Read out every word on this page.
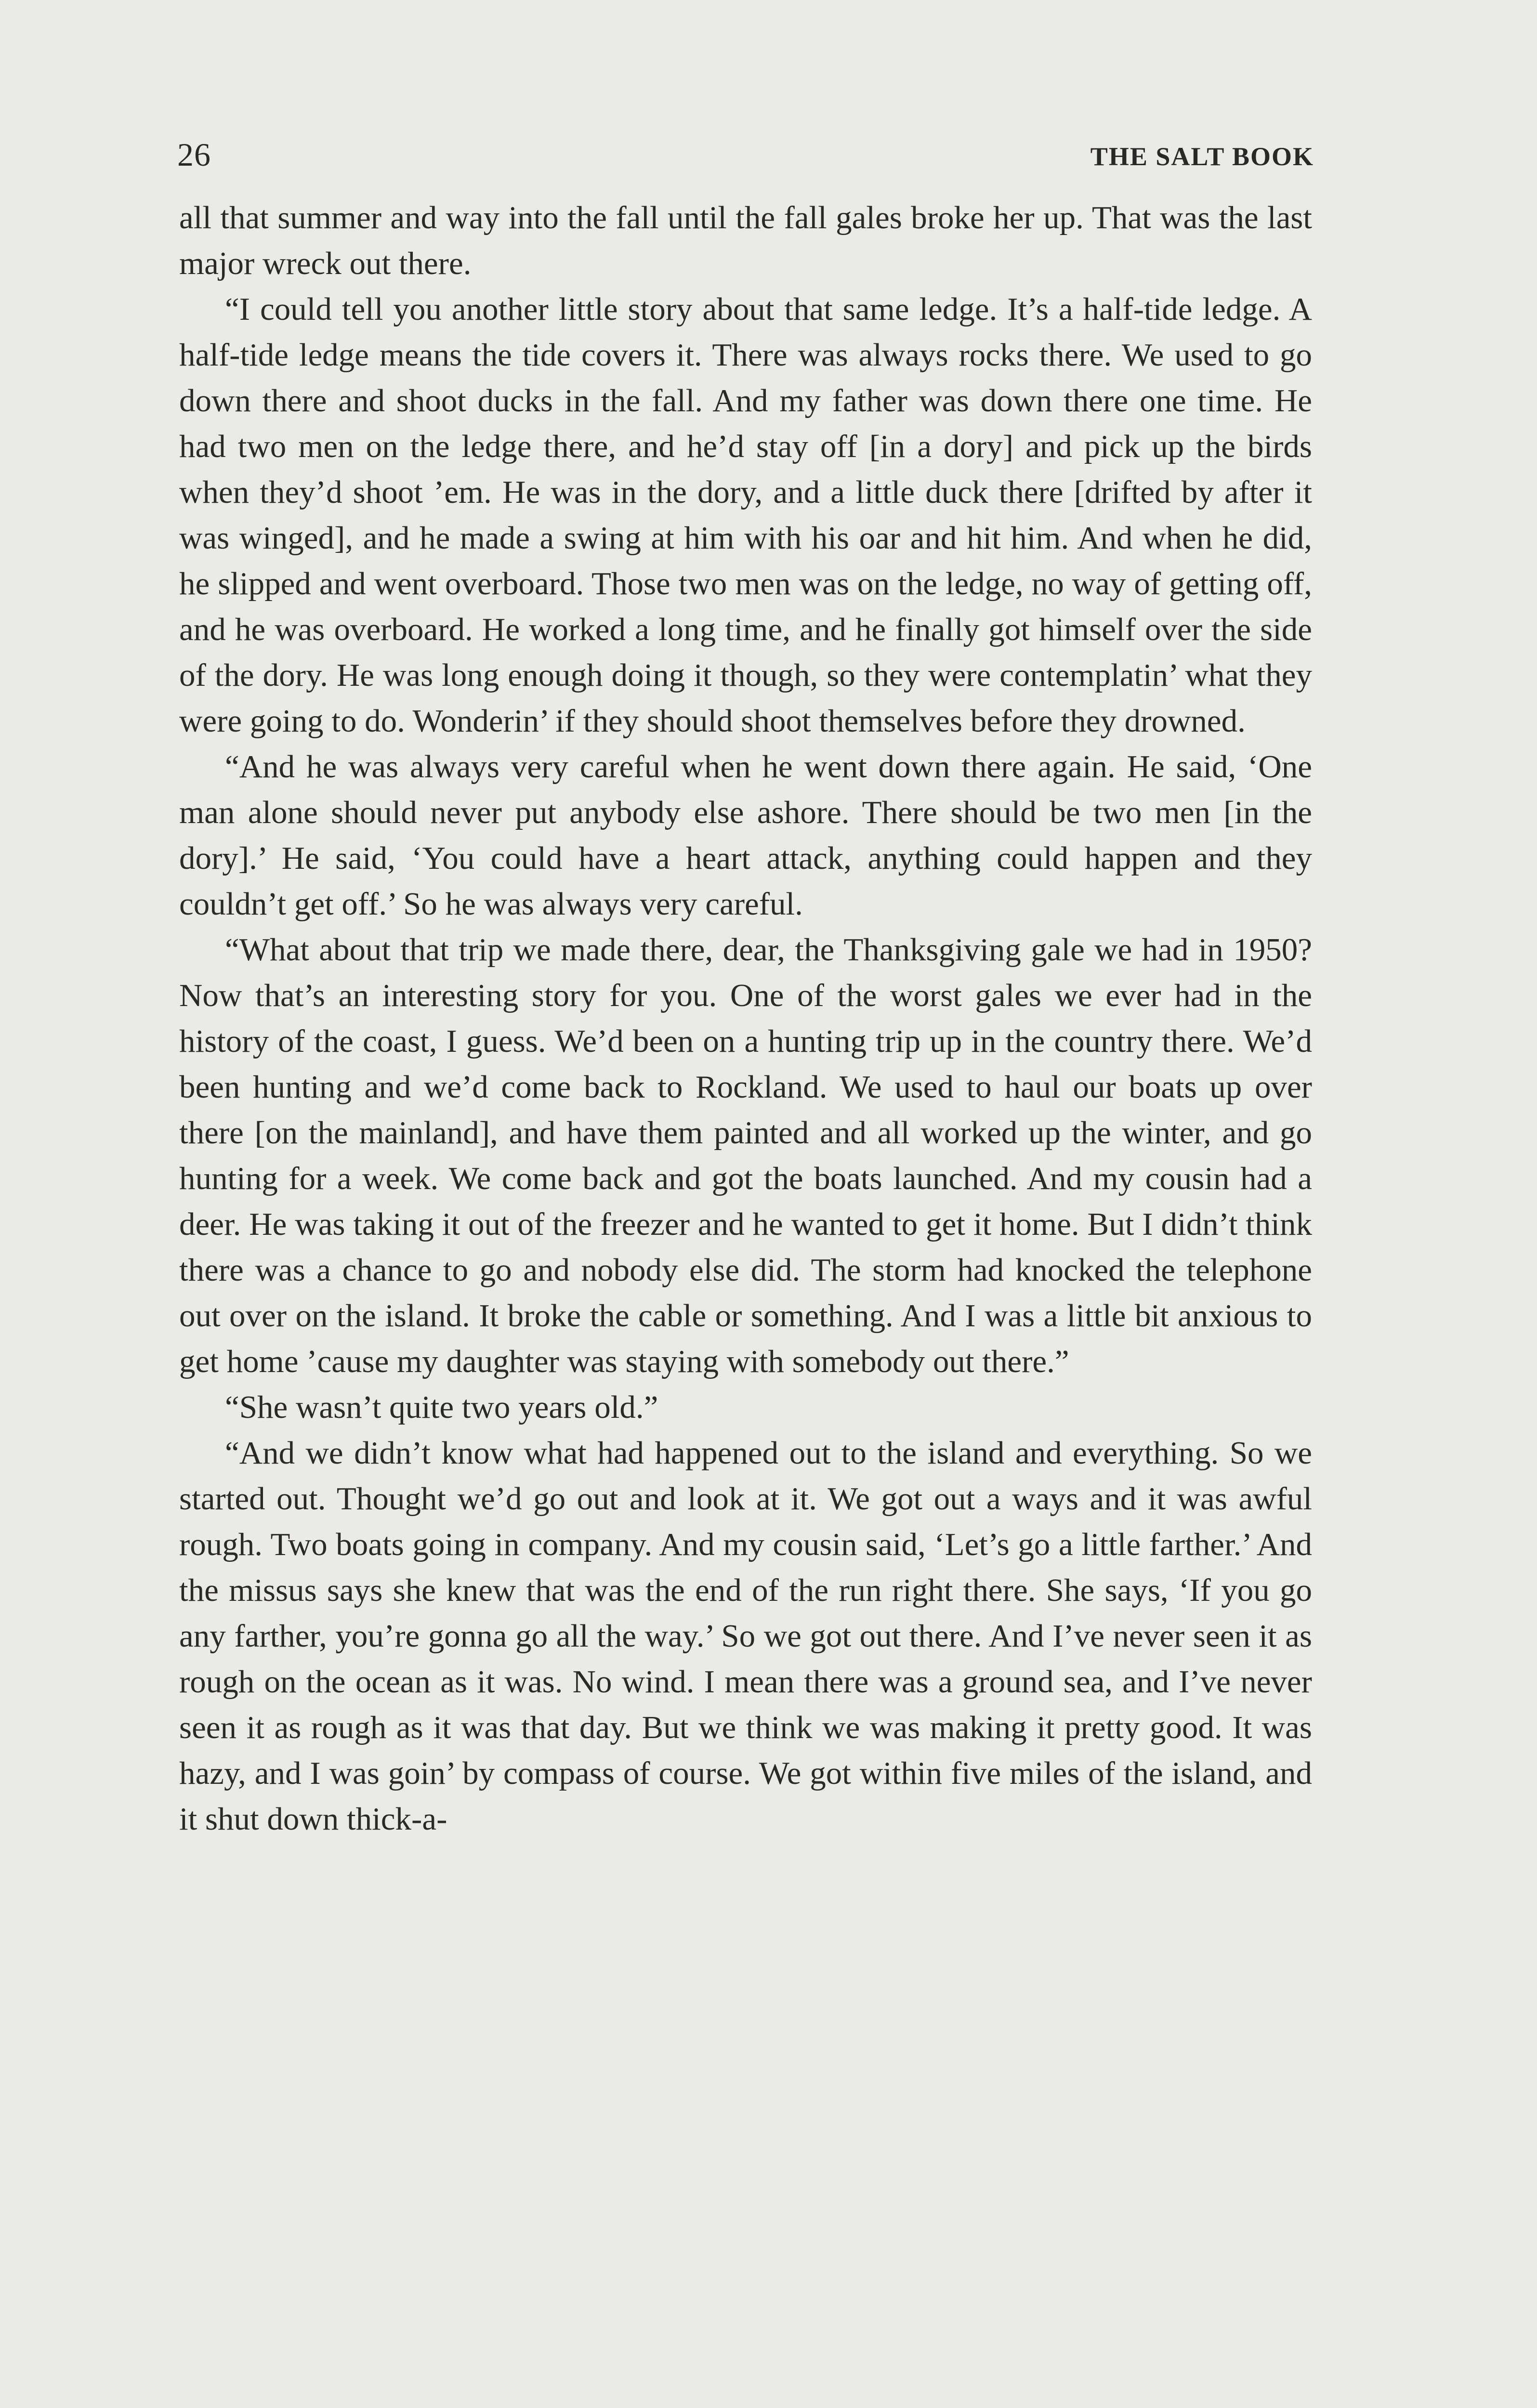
26	THE SALT BOOK

all that summer and way into the fall until the fall gales broke her up. That was the last major wreck out there.

“I could tell you another little story about that same ledge. It’s a half-tide ledge. A half-tide ledge means the tide covers it. There was always rocks there. We used to go down there and shoot ducks in the fall. And my father was down there one time. He had two men on the ledge there, and he’d stay off [in a dory] and pick up the birds when they’d shoot ’em. He was in the dory, and a little duck there [drifted by after it was winged], and he made a swing at him with his oar and hit him. And when he did, he slipped and went overboard. Those two men was on the ledge, no way of getting off, and he was overboard. He worked a long time, and he finally got himself over the side of the dory. He was long enough doing it though, so they were contemplatin’ what they were going to do. Wonderin’ if they should shoot themselves before they drowned.

“And he was always very careful when he went down there again. He said, ‘One man alone should never put anybody else ashore. There should be two men [in the dory].’ He said, ‘You could have a heart attack, anything could happen and they couldn’t get off.’ So he was always very careful.

“What about that trip we made there, dear, the Thanksgiving gale we had in 1950? Now that’s an interesting story for you. One of the worst gales we ever had in the history of the coast, I guess. We’d been on a hunting trip up in the country there. We’d been hunting and we’d come back to Rockland. We used to haul our boats up over there [on the mainland], and have them painted and all worked up the winter, and go hunting for a week. We come back and got the boats launched. And my cousin had a deer. He was taking it out of the freezer and he wanted to get it home. But I didn’t think there was a chance to go and nobody else did. The storm had knocked the telephone out over on the island. It broke the cable or something. And I was a little bit anxious to get home ’cause my daughter was staying with somebody out there.”

“She wasn’t quite two years old.”

“And we didn’t know what had happened out to the island and everything. So we started out. Thought we’d go out and look at it. We got out a ways and it was awful rough. Two boats going in company. And my cousin said, ‘Let’s go a little farther.’ And the missus says she knew that was the end of the run right there. She says, ‘If you go any farther, you’re gonna go all the way.’ So we got out there. And I’ve never seen it as rough on the ocean as it was. No wind. I mean there was a ground sea, and I’ve never seen it as rough as it was that day. But we think we was making it pretty good. It was hazy, and I was goin’ by compass of course. We got within five miles of the island, and it shut down thick-a-
